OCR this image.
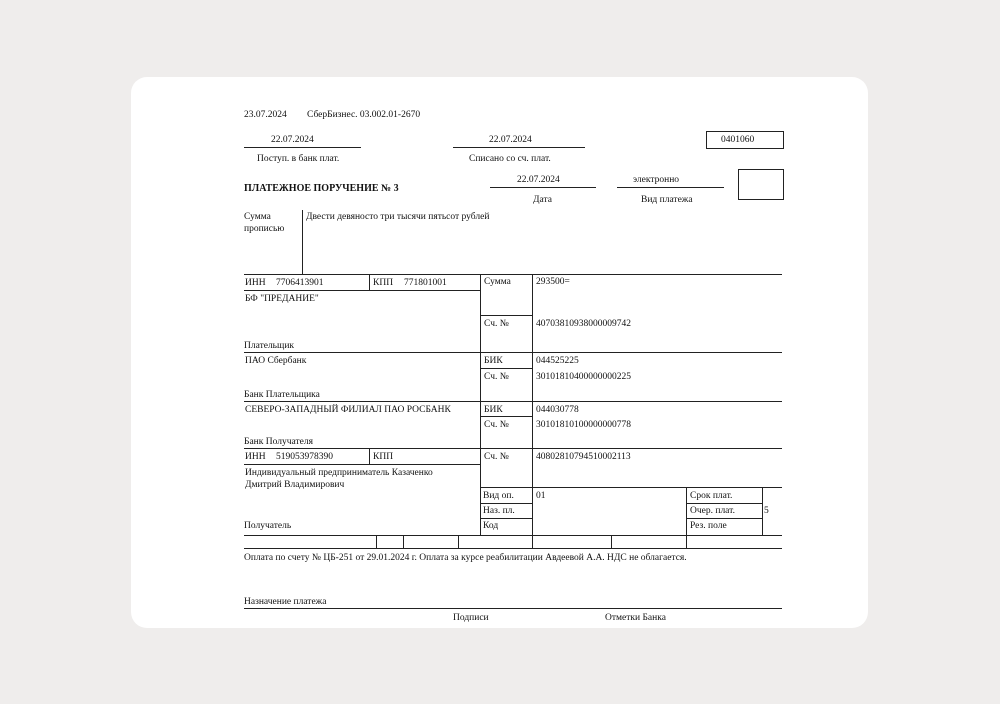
23.07.2024 СберБизнес. 03.002.01-2670
22.07.2024
Поступ. в банк плат.
22.07.2024
Списано со сч. плат.
0401060
ПЛАТЕЖНОЕ ПОРУЧЕНИЕ № 3
22.07.2024
Дата
электронно
Вид платежа
Сумма
прописью
Двести девяносто три тысячи пятьсот рублей
ИНН 7706413901	КПП 771801001	Сумма	293500=
БФ "ПРЕДАНИЕ"
Сч. №	40703810938000009742
Плательщик
ПАО Сбербанк	БИК	044525225
Сч. №	30101810400000000225
Банк Плательщика
СЕВЕРО-ЗАПАДНЫЙ ФИЛИАЛ ПАО РОСБАНК	БИК	044030778
Сч. №	30101810100000000778
Банк Получателя
ИНН 519053978390	КПП	Сч. №	40802810794510002113
Индивидуальный предприниматель Казаченко
Дмитрий Владимирович
Получатель
Вид оп. 01
Наз. пл.
Код
Срок плат.
Очер. плат.	5
Рез. поле
Оплата по счету № ЦБ-251 от 29.01.2024 г. Оплата за курсе реабилитации Авдеевой А.А. НДС не облагается.
Назначение платежа
Подписи	Отметки Банка
